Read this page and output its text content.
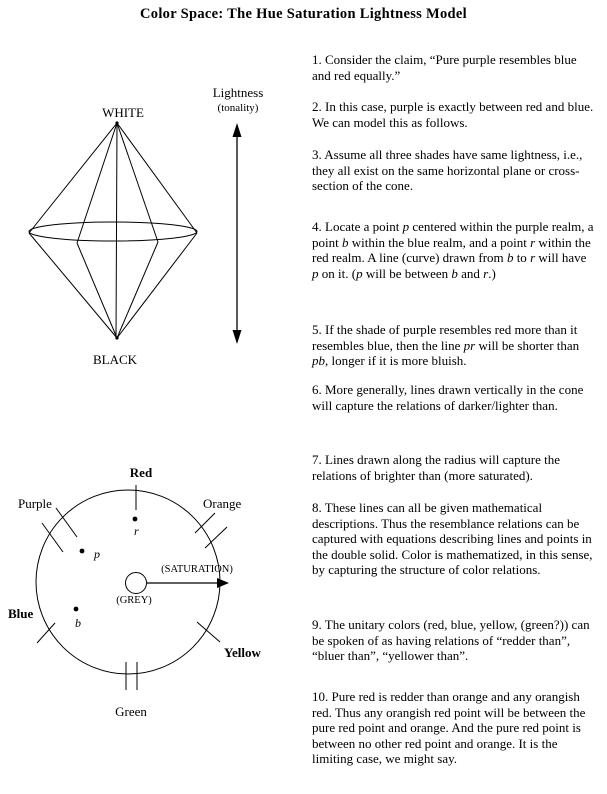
Color Space: The Hue Saturation Lightness Model
WHITE
BLACK
Lightness
(tonality)
Red
Purple	Orange
Blue
Yellow
Green
r
p
b
(GREY)
(SATURATION)
1. Consider the claim, “Pure purple resembles blue and red equally.”
2. In this case, purple is exactly between red and blue. We can model this as follows.
3. Assume all three shades have same lightness, i.e., they all exist on the same horizontal plane or cross-section of the cone.
4. Locate a point p centered within the purple realm, a point b within the blue realm, and a point r within the red realm. A line (curve) drawn from b to r will have p on it. (p will be between b and r.)
5. If the shade of purple resembles red more than it resembles blue, then the line pr will be shorter than pb, longer if it is more bluish.
6. More generally, lines drawn vertically in the cone will capture the relations of darker/lighter than.
7. Lines drawn along the radius will capture the relations of brighter than (more saturated).
8. These lines can all be given mathematical descriptions. Thus the resemblance relations can be captured with equations describing lines and points in the double solid. Color is mathematized, in this sense, by capturing the structure of color relations.
9. The unitary colors (red, blue, yellow, (green?)) can be spoken of as having relations of “redder than”, “bluer than”, “yellower than”.
10. Pure red is redder than orange and any orangish red. Thus any orangish red point will be between the pure red point and orange. And the pure red point is between no other red point and orange. It is the limiting case, we might say.
